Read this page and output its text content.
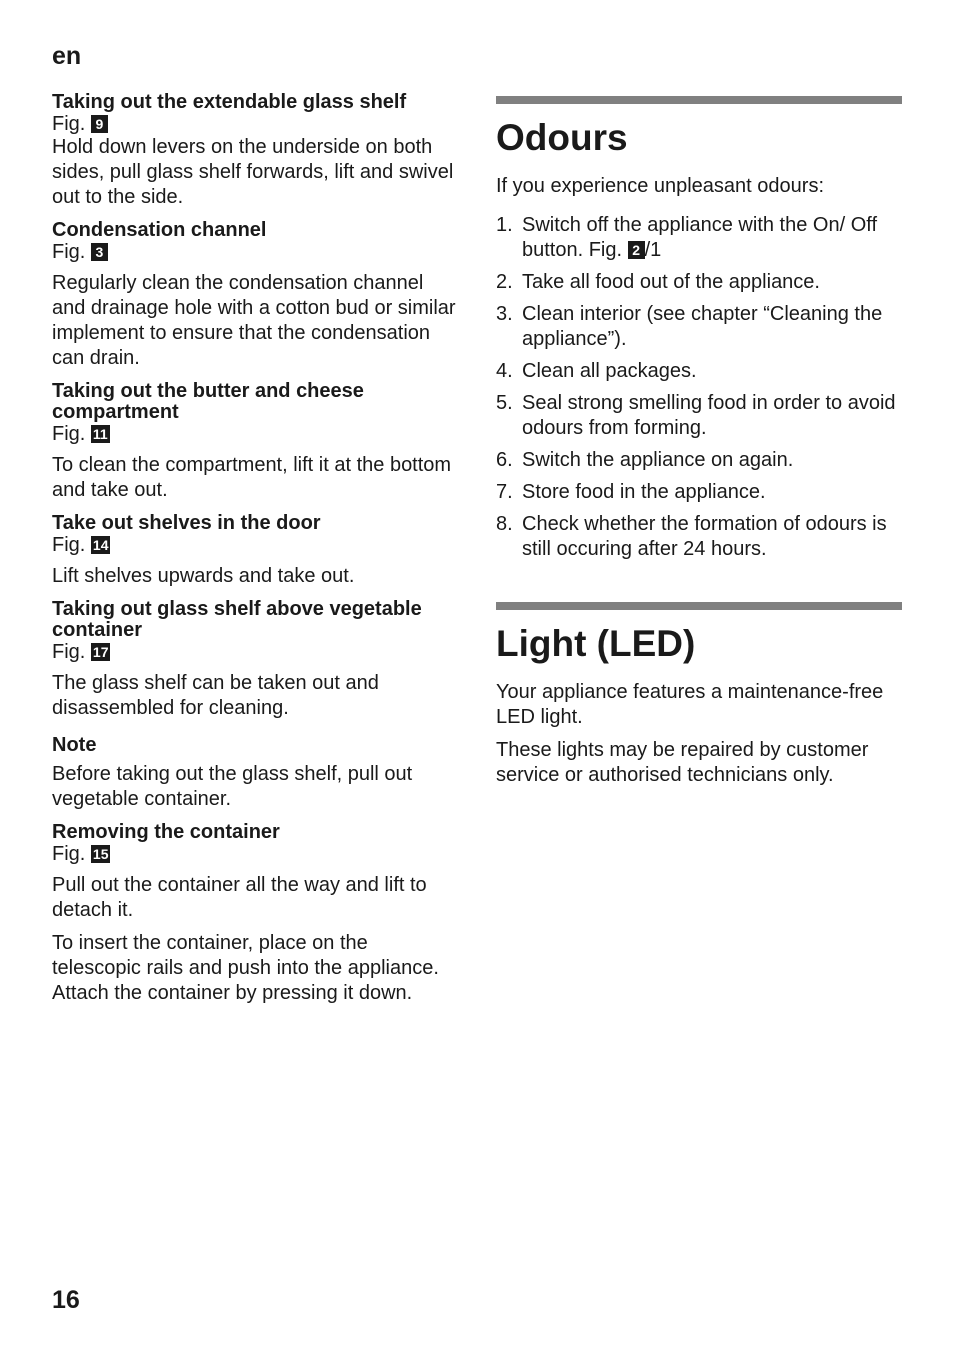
en

Taking out the extendable glass shelf

Fig. 9

Hold down levers on the underside on both sides, pull glass shelf forwards, lift and swivel out to the side.

Condensation channel

Fig. 3

Regularly clean the condensation channel and drainage hole with a cotton bud or similar implement to ensure that the condensation can drain.

Taking out the butter and cheese compartment

Fig. 11

To clean the compartment, lift it at the bottom and take out.

Take out shelves in the door

Fig. 14

Lift shelves upwards and take out.

Taking out glass shelf above vegetable container

Fig. 17

The glass shelf can be taken out and disassembled for cleaning.

Note

Before taking out the glass shelf, pull out vegetable container.

Removing the container

Fig. 15

Pull out the container all the way and lift to detach it.

To insert the container, place on the telescopic rails and push into the appliance. Attach the container by pressing it down.

Odours

If you experience unpleasant odours:

1. Switch off the appliance with the On/ Off button. Fig. 2 /1
2. Take all food out of the appliance.
3. Clean interior (see chapter “Cleaning the appliance”).
4. Clean all packages.
5. Seal strong smelling food in order to avoid odours from forming.
6. Switch the appliance on again.
7. Store food in the appliance.
8. Check whether the formation of odours is still occuring after 24 hours.
Light (LED)

Your appliance features a maintenance-free LED light.

These lights may be repaired by customer service or authorised technicians only.

16
